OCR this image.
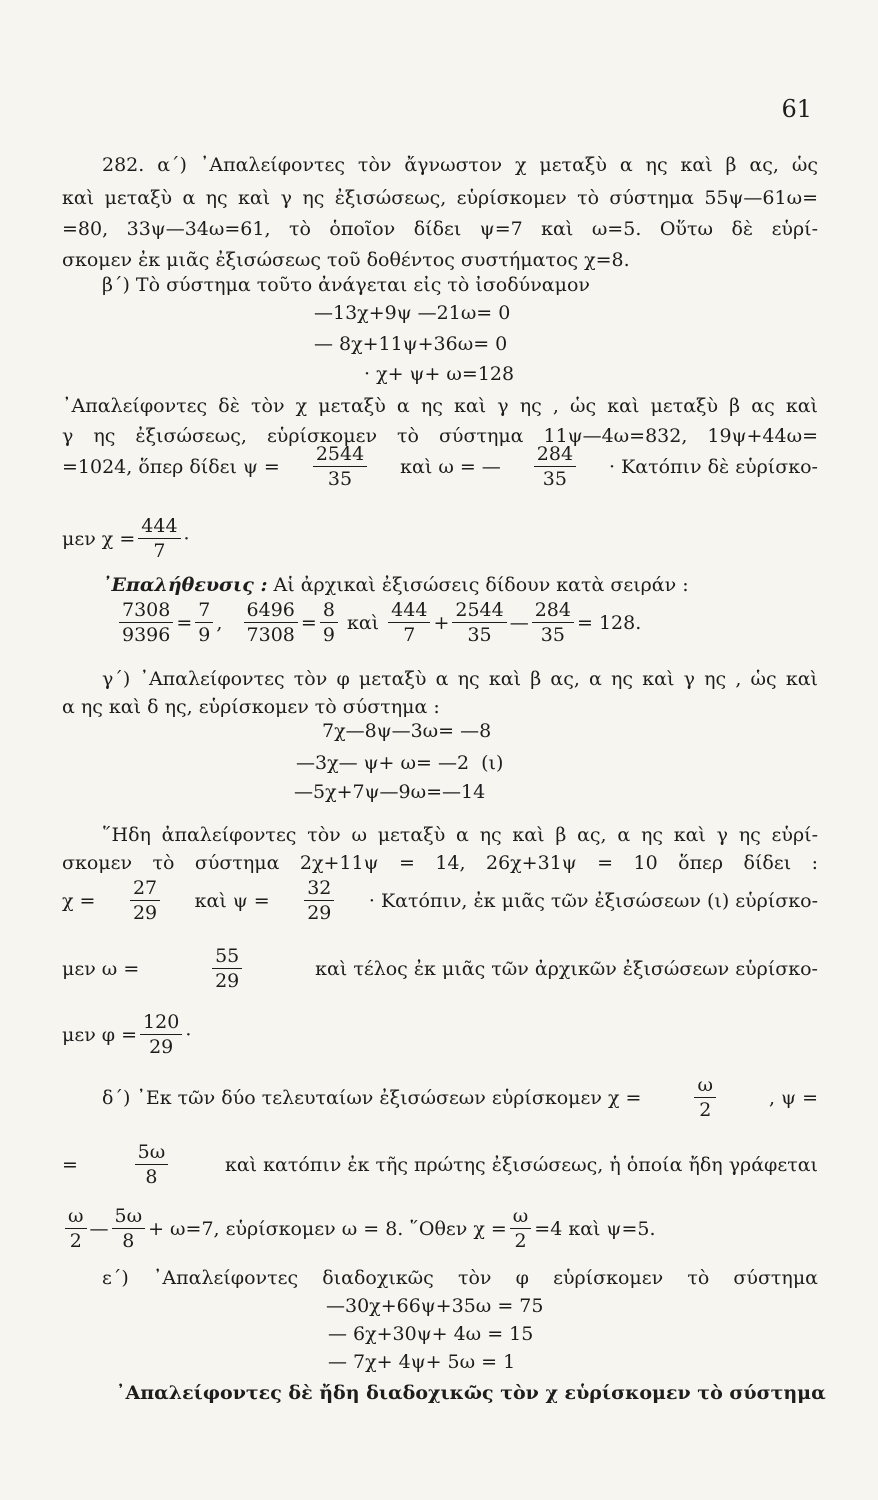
61
282. α΄) ᾿Απαλείφοντες τὸν ἄγνωστον χ μεταξὺ α ης καὶ β ας, ὡς
καὶ μεταξὺ α ης καὶ γ ης ἐξισώσεως, εὑρίσκομεν τὸ σύστημα 55ψ—61ω=
=80, 33ψ—34ω=61, τὸ ὁποῖον δίδει ψ=7 καὶ ω=5. Οὕτω δὲ εὑρί-
σκομεν ἐκ μιᾶς ἐξισώσεως τοῦ δοθέντος συστήματος χ=8.
β΄) Τὸ σύστημα τοῦτο ἀνάγεται εἰς τὸ ἰσοδύναμον
—13χ+9ψ —21ω= 0
— 8χ+11ψ+36ω= 0
· χ+ ψ+ ω=128
᾿Απαλείφοντες δὲ τὸν χ μεταξὺ α ης καὶ γ ης , ὡς καὶ μεταξὺ β ας καὶ
γ ης ἐξισώσεως, εὑρίσκομεν τὸ σύστημα 11ψ—4ω=832, 19ψ+44ω=
=1024, ὅπερ δίδει $\psi = \frac{2544}{35}$ καὶ ω = — $\frac{284}{35} \cdot K\alpha\tau ό\pi\iota\nu$ δὲ εὑρίσκο-
μεν $\chi = \frac{444}{7}$ ·
᾿Επαλήθευσις : Αἱ ἀρχικαὶ ἐξισώσεις δίδουν κατὰ σειράν :
$\frac{7308}{9396} = \frac{7}{9}$ , $\frac{6496}{7308} = \frac{8}{9}$
καὶ
$\frac{444}{7} + \frac{2544}{35}$ — $\frac{284}{35} = 128$.
γ΄) ᾿Απαλείφοντες τὸν φ μεταξὺ α ης καὶ β ας, α ης καὶ γ ης , ὡς καὶ
α ης καὶ δ ης, εὑρίσκομεν τὸ σύστημα :
7χ—8ψ—3ω= —8
—3χ— ψ+ ω= —2 (ι)
—5χ+7ψ—9ω=—14
῞Ηδη ἀπαλείφοντες τὸν ω μεταξὺ α ης καὶ β ας, α ης καὶ γ ης εὑρί-
σκομεν τὸ σύστημα 2χ+11ψ = 14, 26χ+31ψ = 10 ὅπερ δίδει :
$\chi = \frac{27}{29}$ καὶ $\psi = \frac{32}{29} \cdot K\alpha\tau ό\pi\iota\nu$, ἐκ μιᾶς τῶν ἐξισώσεων (ι) εὑρίσκο-
μεν ω =	$\frac{55}{29}$	καὶ τέλος ἐκ μιᾶς τῶν ἀρχικῶν ἐξισώσεων εὑρίσκο-
μεν $\varphi = \frac{120}{29}$ ·
δ΄) ᾿Εκ τῶν δύο τελευταίων ἐξισώσεων εὑρίσκομεν χ =	$\frac{\omega}{2}$	, ψ =
=	$\frac{5\omega}{8}$	καὶ κατόπιν ἐκ τῆς πρώτης ἐξισώσεως, ἡ ὁποία ἤδη γράφεται
$\frac{\omega}{2}$ — $\frac{5\omega}{8} + \omega=7$, εὑρίσκομεν ω = 8. ῞Οθεν $\chi = \frac{\omega}{2} =4$ καὶ ψ=5.
ε΄) ᾿Απαλείφοντες διαδοχικῶς τὸν φ εὑρίσκομεν τὸ σύστημα
—30χ+66ψ+35ω = 75
— 6χ+30ψ+ 4ω = 15
— 7χ+ 4ψ+ 5ω = 1
᾿Απαλείφοντες δὲ ἤδη διαδοχικῶς τὸν χ εὑρίσκομεν τὸ σύστημα
